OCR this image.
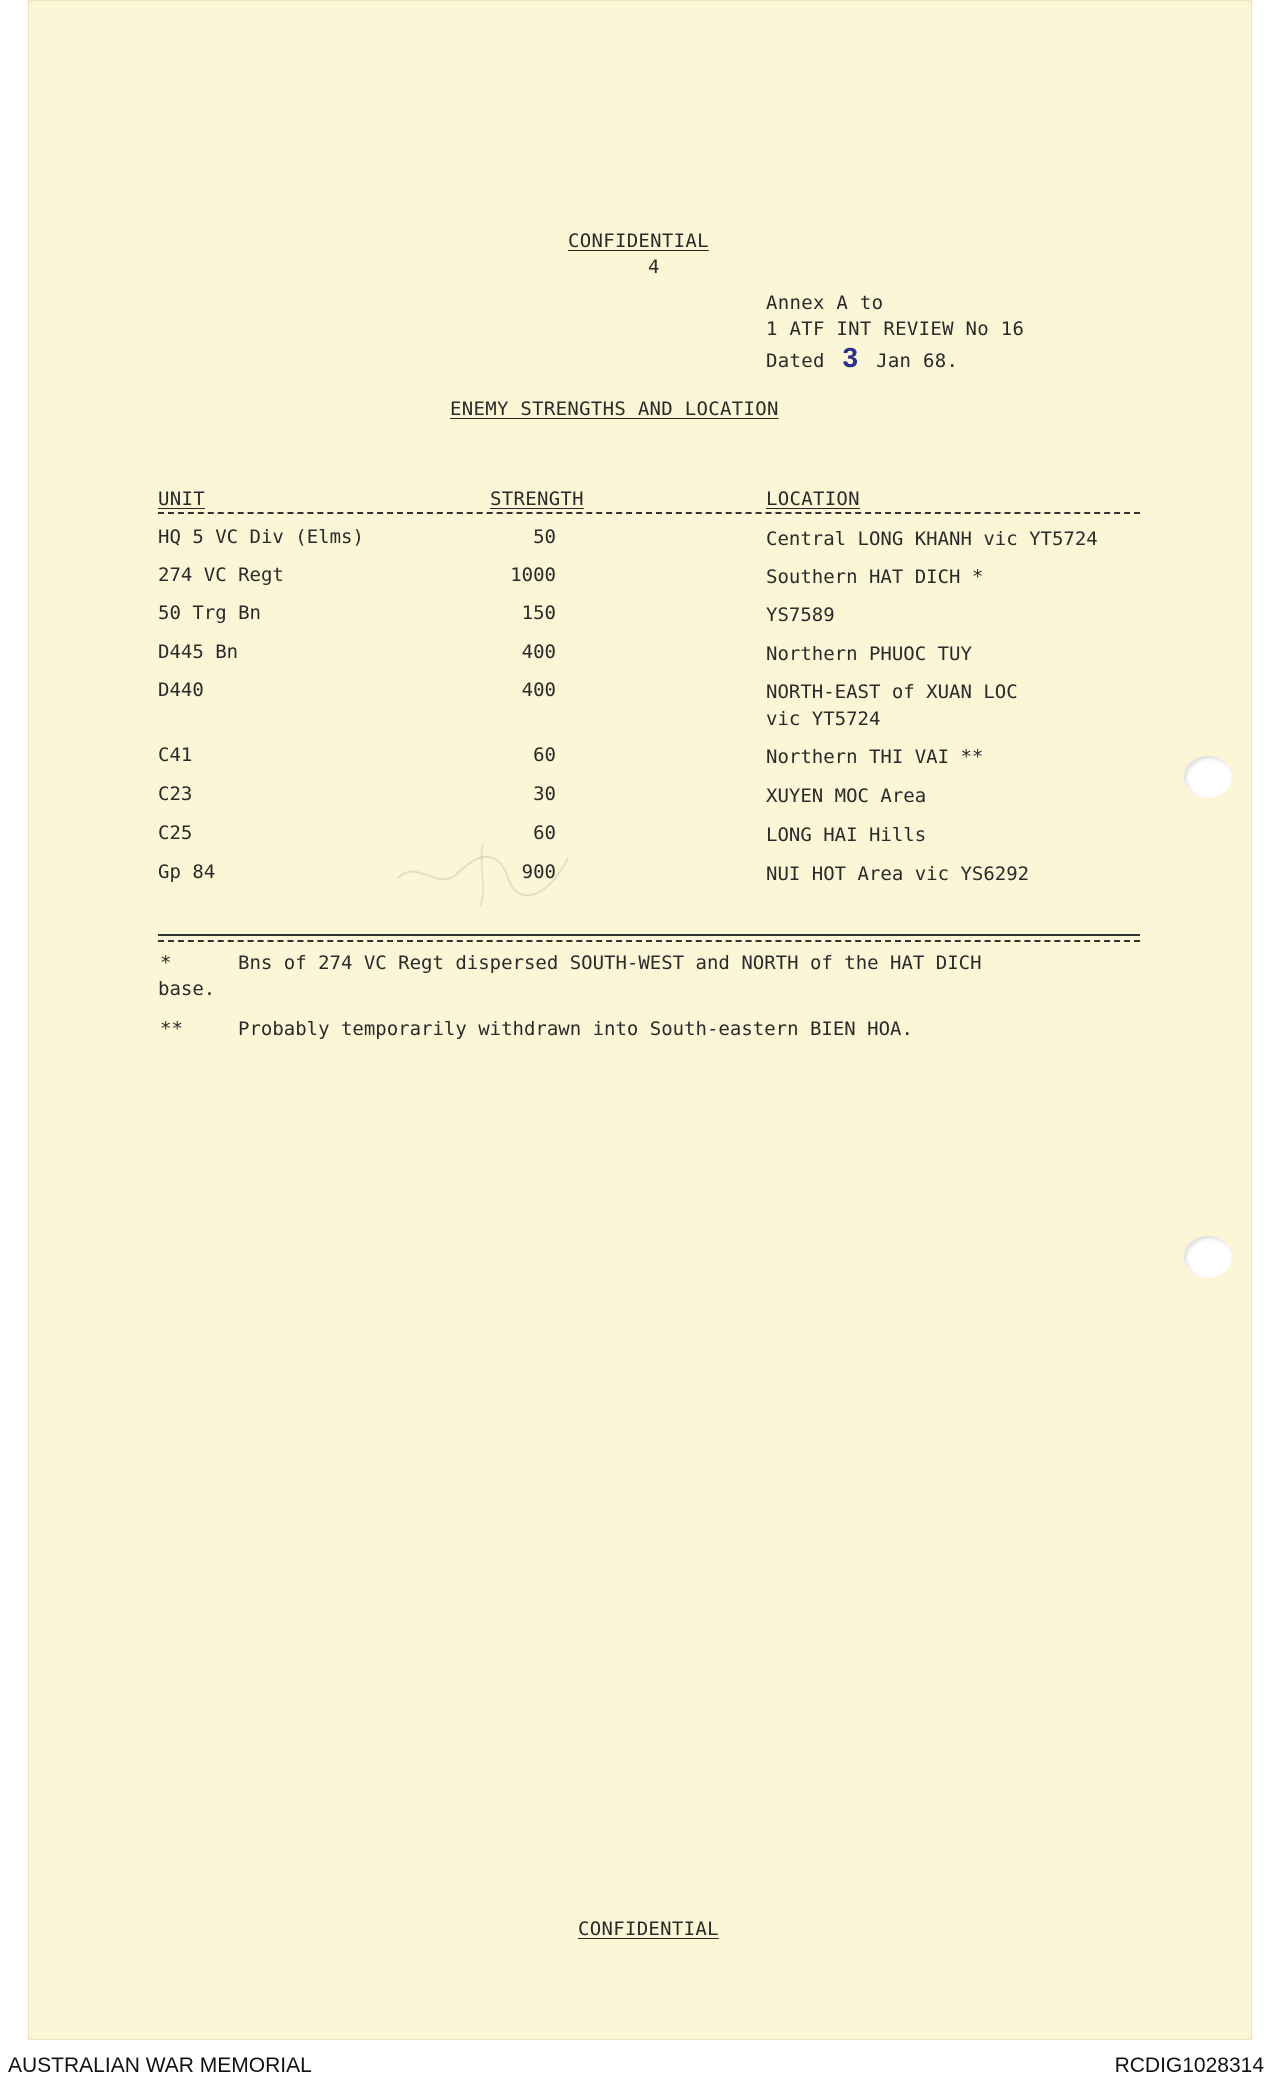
CONFIDENTIAL
4
Annex A to
1 ATF INT REVIEW No 16
Dated 3 Jan 68.
ENEMY STRENGTHS AND LOCATION
UNIT	STRENGTH	LOCATION
HQ 5 VC Div (Elms)	50	Central LONG KHANH vic YT5724
274 VC Regt	1000	Southern HAT DICH *
50 Trg Bn	150	YS7589
D445 Bn	400	Northern PHUOC TUY
D440	400	NORTH-EAST of XUAN LOC
vic YT5724
C41	60	Northern THI VAI **
C23	30	XUYEN MOC Area
C25	60	LONG HAI Hills
Gp 84	900	NUI HOT Area vic YS6292
*	Bns of 274 VC Regt dispersed SOUTH-WEST and NORTH of the HAT DICH
base.
**	Probably temporarily withdrawn into South-eastern BIEN HOA.
CONFIDENTIAL
AUSTRALIAN WAR MEMORIAL	RCDIG1028314
